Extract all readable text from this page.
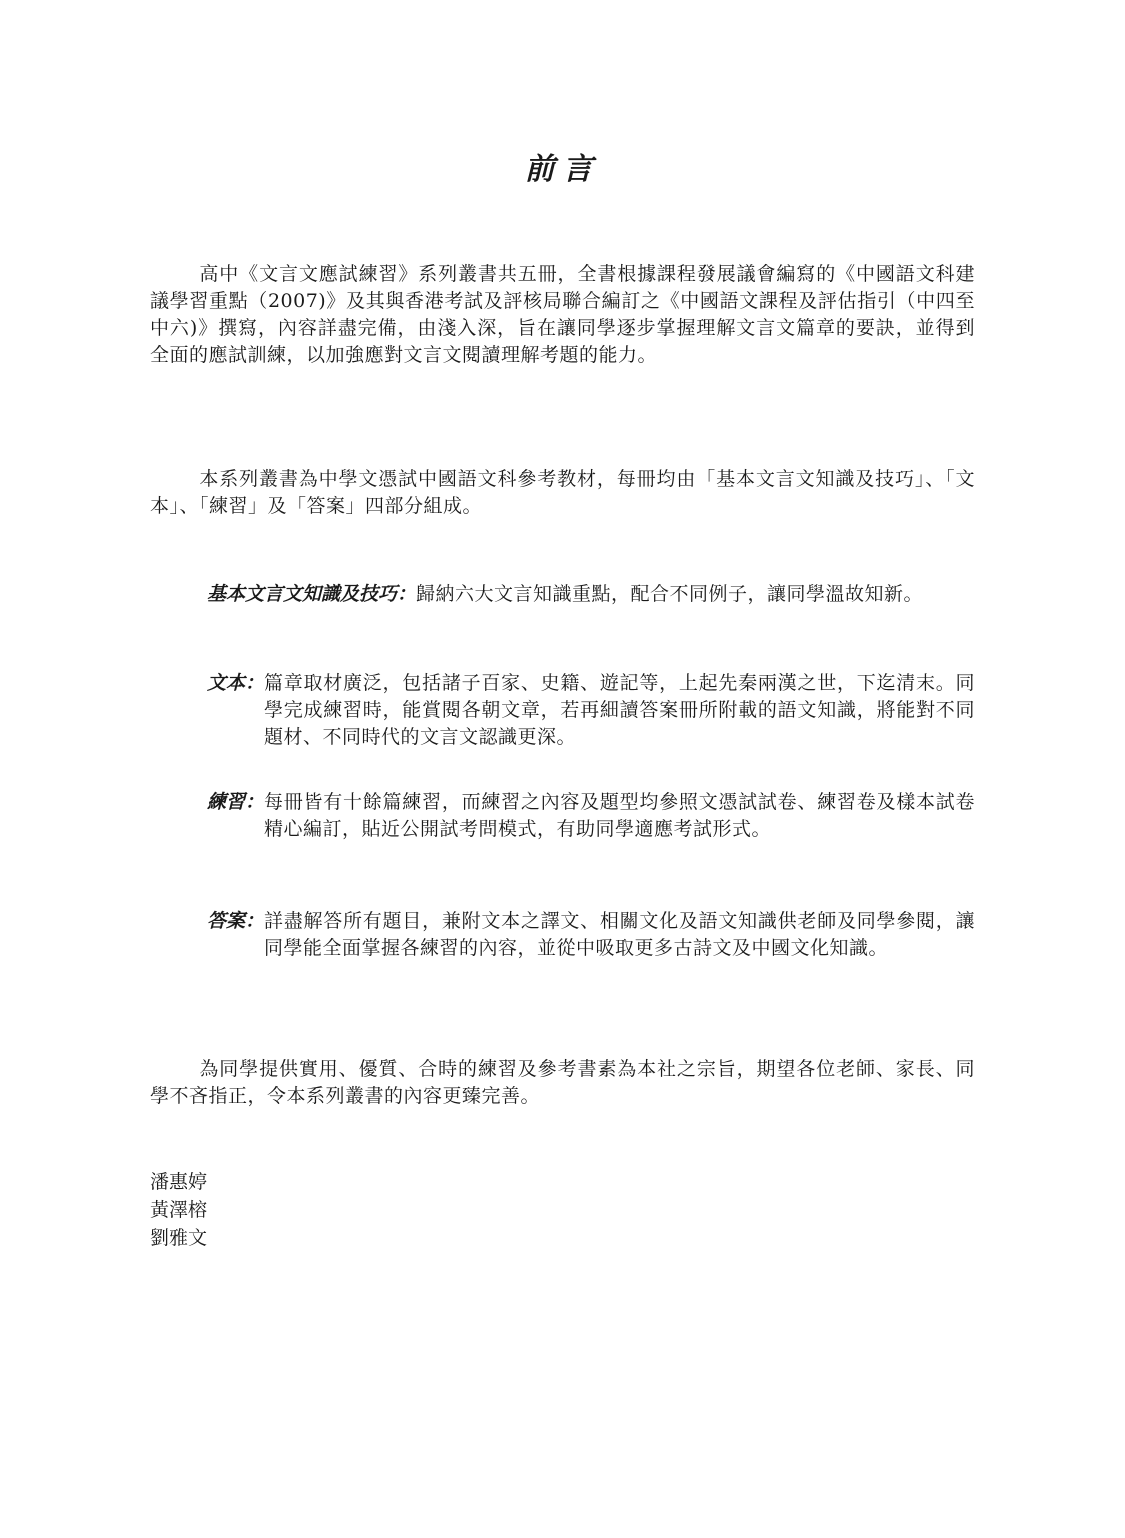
前言

高中《文言文應試練習》系列叢書共五冊，全書根據課程發展議會編寫的《中國語文科建議學習重點（2007)》及其與香港考試及評核局聯合編訂之《中國語文課程及評估指引（中四至中六)》撰寫，內容詳盡完備，由淺入深，旨在讓同學逐步掌握理解文言文篇章的要訣，並得到全面的應試訓練，以加強應對文言文閱讀理解考題的能力。

本系列叢書為中學文憑試中國語文科參考教材，每冊均由「基本文言文知識及技巧」、「文本」、「練習」及「答案」四部分組成。

基本文言文知識及技巧： 歸納六大文言知識重點，配合不同例子，讓同學溫故知新。
文本： 篇章取材廣泛，包括諸子百家、史籍、遊記等，上起先秦兩漢之世，下迄清末。同學完成練習時，能賞閱各朝文章，若再細讀答案冊所附載的語文知識，將能對不同題材、不同時代的文言文認識更深。
練習： 每冊皆有十餘篇練習，而練習之內容及題型均參照文憑試試卷、練習卷及樣本試卷精心編訂，貼近公開試考問模式，有助同學適應考試形式。
答案： 詳盡解答所有題目，兼附文本之譯文、相關文化及語文知識供老師及同學參閱，讓同學能全面掌握各練習的內容，並從中吸取更多古詩文及中國文化知識。

為同學提供實用、優質、合時的練習及參考書素為本社之宗旨，期望各位老師、家長、同學不吝指正，令本系列叢書的內容更臻完善。

潘惠婷
黃澤榕
劉雅文
